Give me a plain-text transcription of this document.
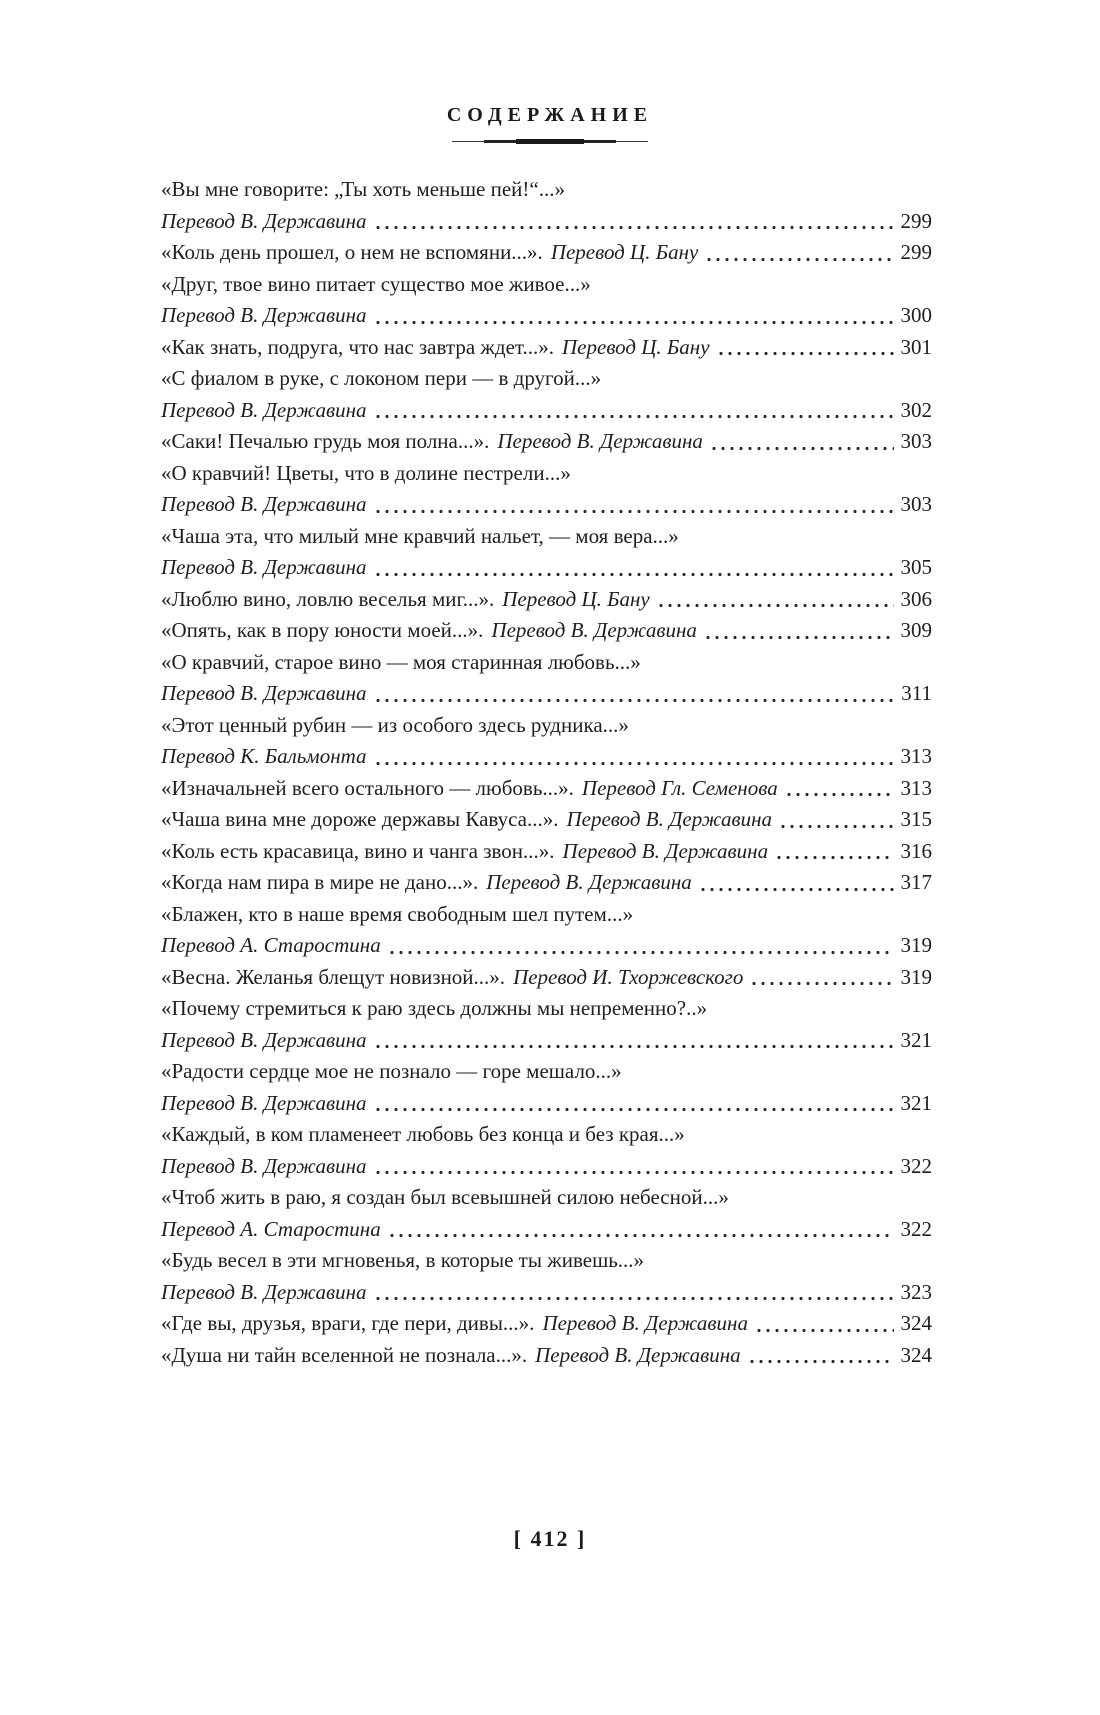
СОДЕРЖАНИЕ
«Вы мне говорите: „Ты хоть меньше пей!“...»
Перевод В. Державина	299
«Коль день прошел, о нем не вспомяни...». Перевод Ц. Бану	299
«Друг, твое вино питает существо мое живое...»
Перевод В. Державина	300
«Как знать, подруга, что нас завтра ждет...». Перевод Ц. Бану	301
«С фиалом в руке, с локоном пери — в другой...»
Перевод В. Державина	302
«Саки! Печалью грудь моя полна...». Перевод В. Державина	303
«О кравчий! Цветы, что в долине пестрели...»
Перевод В. Державина	303
«Чаша эта, что милый мне кравчий нальет, — моя вера...»
Перевод В. Державина	305
«Люблю вино, ловлю веселья миг...». Перевод Ц. Бану	306
«Опять, как в пору юности моей...». Перевод В. Державина	309
«О кравчий, старое вино — моя старинная любовь...»
Перевод В. Державина	311
«Этот ценный рубин — из особого здесь рудника...»
Перевод К. Бальмонта	313
«Изначальней всего остального — любовь...». Перевод Гл. Семенова	313
«Чаша вина мне дороже державы Кавуса...». Перевод В. Державина	315
«Коль есть красавица, вино и чанга звон...». Перевод В. Державина	316
«Когда нам пира в мире не дано...». Перевод В. Державина	317
«Блажен, кто в наше время свободным шел путем...»
Перевод А. Старостина	319
«Весна. Желанья блещут новизной...». Перевод И. Тхоржевского	319
«Почему стремиться к раю здесь должны мы непременно?..»
Перевод В. Державина	321
«Радости сердце мое не познало — горе мешало...»
Перевод В. Державина	321
«Каждый, в ком пламенеет любовь без конца и без края...»
Перевод В. Державина	322
«Чтоб жить в раю, я создан был всевышней силою небесной...»
Перевод А. Старостина	322
«Будь весел в эти мгновенья, в которые ты живешь...»
Перевод В. Державина	323
«Где вы, друзья, враги, где пери, дивы...». Перевод В. Державина	324
«Душа ни тайн вселенной не познала...». Перевод В. Державина	324
[ 412 ]
